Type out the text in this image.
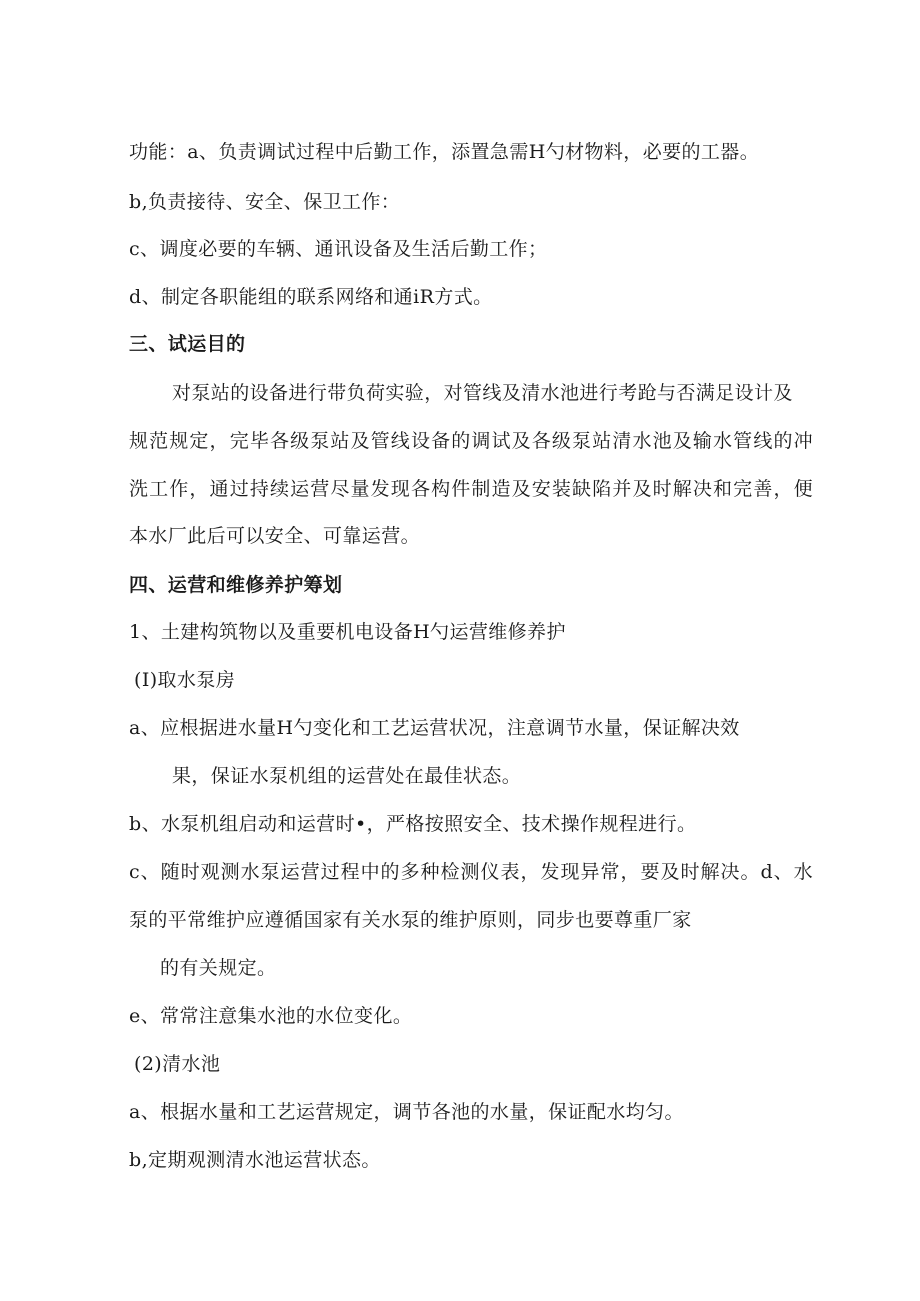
功能：a、负责调试过程中后勤工作，添置急需H勺材物料，必要的工器。
b,负责接待、安全、保卫工作：
c、调度必要的车辆、通讯设备及生活后勤工作；
d、制定各职能组的联系网络和通iR方式。
三、试运目的
对泵站的设备进行带负荷实验，对管线及清水池进行考跄与否满足设计及
规范规定，完毕各级泵站及管线设备的调试及各级泵站清水池及输水管线的冲
洗工作，通过持续运营尽量发现各构件制造及安装缺陷并及时解决和完善，便
本水厂此后可以安全、可靠运营。
四、运营和维修养护筹划
1、土建构筑物以及重要机电设备H勺运营维修养护
(I)取水泵房
a、应根据进水量H勺变化和工艺运营状况，注意调节水量，保证解决效
果，保证水泵机组的运营处在最佳状态。
b、水泵机组启动和运营时•，严格按照安全、技术操作规程进行。
c、随时观测水泵运营过程中的多种检测仪表，发现异常，要及时解决。d、水
泵的平常维护应遵循国家有关水泵的维护原则，同步也要尊重厂家
的有关规定。
e、常常注意集水池的水位变化。
(2)清水池
a、根据水量和工艺运营规定，调节各池的水量，保证配水均匀。
b,定期观测清水池运营状态。
